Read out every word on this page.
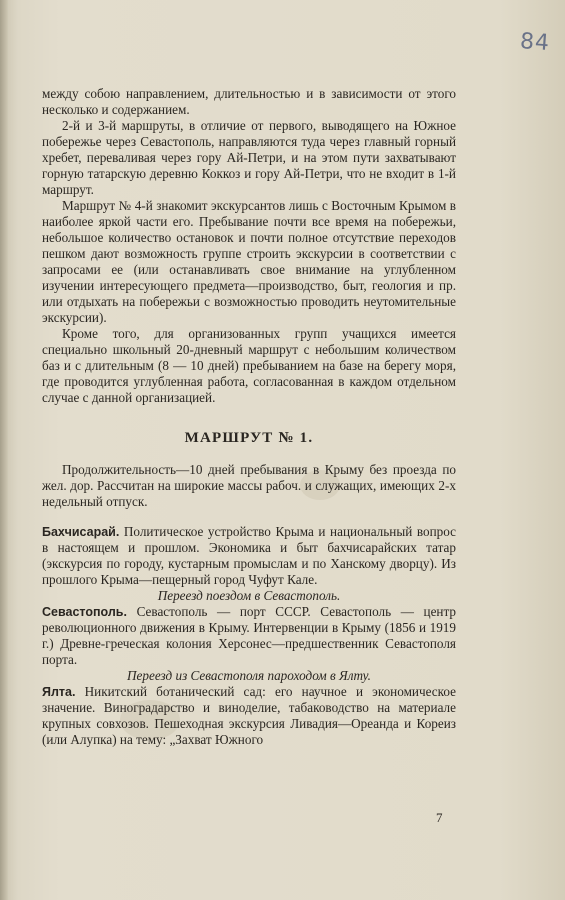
84

между собою направлением, длительностью и в зависимости от этого несколько и содержанием.

2-й и 3-й маршруты, в отличие от первого, выводящего на Южное побережье через Севастополь, направляются туда через главный горный хребет, переваливая через гору Ай-Петри, и на этом пути захватывают горную татарскую деревню Коккоз и гору Ай-Петри, что не входит в 1-й маршрут.

Маршрут № 4-й знакомит экскурсантов лишь с Восточным Крымом в наиболее яркой части его. Пребывание почти все время на побережьи, небольшое количество остановок и почти полное отсутствие переходов пешком дают возможность группе строить экскурсии в соответствии с запросами ее (или останавливать свое внимание на углубленном изучении интересующего предмета—производство, быт, геология и пр. или отдыхать на побережьи с возможностью проводить неутомительные экскурсии).

Кроме того, для организованных групп учащихся имеется специально школьный 20-дневный маршрут с небольшим количеством баз и с длительным (8 — 10 дней) пребыванием на базе на берегу моря, где проводится углубленная работа, согласованная в каждом отдельном случае с данной организацией.

МАРШРУТ № 1.

Продолжительность—10 дней пребывания в Крыму без проезда по жел. дор. Рассчитан на широкие массы рабоч. и служащих, имеющих 2-х недельный отпуск.

Бахчисарай. Политическое устройство Крыма и национальный вопрос в настоящем и прошлом. Экономика и быт бахчисарайских татар (экскурсия по городу, кустарным промыслам и по Ханскому дворцу). Из прошлого Крыма—пещерный город Чуфут Кале.

Переезд поездом в Севастополь.

Севастополь. Севастополь — порт СССР. Севастополь — центр революционного движения в Крыму. Интервенции в Крыму (1856 и 1919 г.) Древне-греческая колония Херсонес—предшественник Севастополя порта.

Переезд из Севастополя пароходом в Ялту.

Ялта. Никитский ботанический сад: его научное и экономическое значение. Виноградарство и виноделие, табаководство на материале крупных совхозов. Пешеходная экскурсия Ливадия—Ореанда и Кореиз (или Алупка) на тему: „Захват Южного

7
